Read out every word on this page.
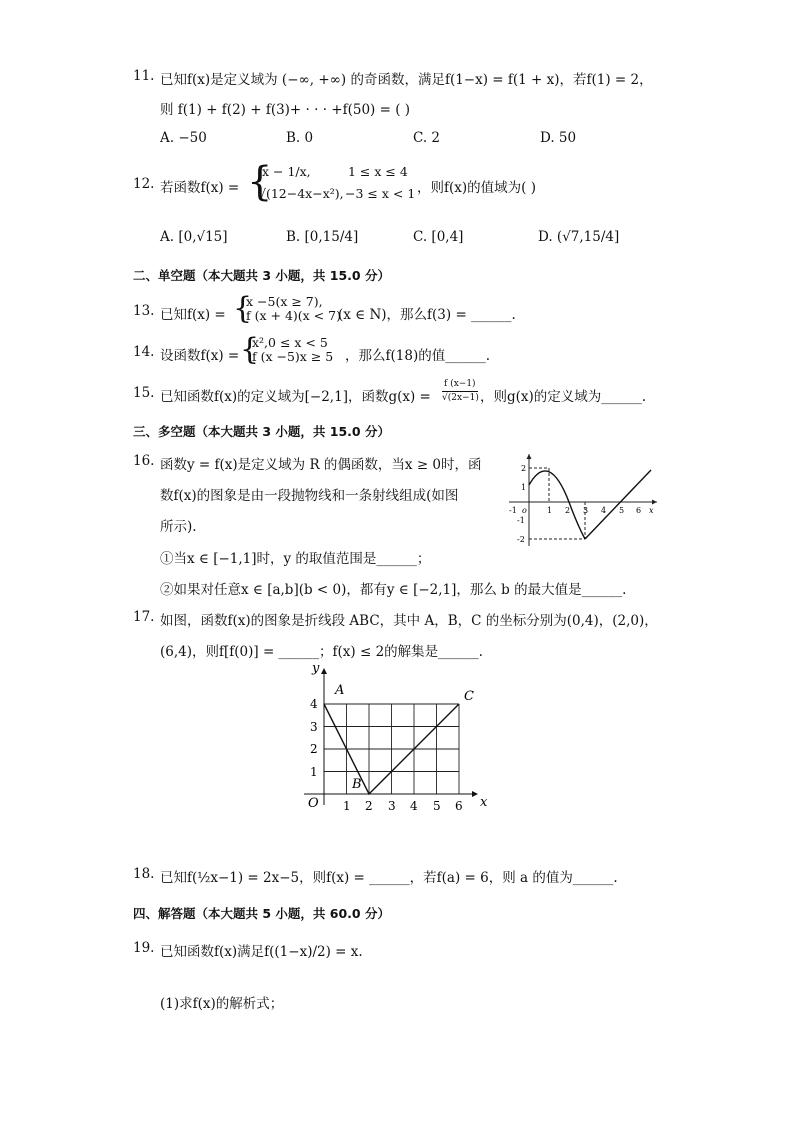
11. 已知f(x)是定义域为 (−∞, +∞) 的奇函数，满足f(1−x) = f(1 + x)，若f(1) = 2，
则 f(1) + f(2) + f(3)+ · · · +f(50) = ( )
A. −50	B. 0	C. 2	D. 50
12. 若函数f(x) = {
x − 1/x,	1 ≤ x ≤ 4
√(12−4x−x²), −3 ≤ x < 1 ，则f(x)的值域为( )
A. [0,√15]	B. [0,15/4]	C. [0,4]	D. (√7,15/4]
二、单空题（本大题共 3 小题，共 15.0 分）
13. 已知f(x) = {
x −5(x ≥ 7),
f (x + 4)(x < 7)
(x ∈ N)，那么f(3) = ______.
14. 设函数f(x) = {
x²,0 ≤ x < 5
f (x −5)x ≥ 5 ，那么f(18)的值______.
15. 已知函数f(x)的定义域为[−2,1]，函数g(x) =
f (x−1)
√(2x−1) ，则g(x)的定义域为______.
三、多空题（本大题共 3 小题，共 15.0 分）
16. 函数y = f(x)是定义域为 R 的偶函数，当x ≥ 0时，函
数f(x)的图象是由一段抛物线和一条射线组成(如图
所示).
①当x ∈ [−1,1]时，y 的取值范围是______；
②如果对任意x ∈ [a,b](b < 0)，都有y ∈ [−2,1]，那么 b 的最大值是______.
-1 o	1 2 3 4 5 6 x
2
1
-1
-2
17. 如图，函数f(x)的图象是折线段 ABC，其中 A，B，C 的坐标分别为(0,4)，(2,0)，
(6,4)，则f[f(0)] = ______；f(x) ≤ 2的解集是______.
y
x
O 1 2 3 4 5 6
4
3
2
1
A
B
C
18. 已知f(½x−1) = 2x−5，则f(x) = ______，若f(a) = 6，则 a 的值为______.
四、解答题（本大题共 5 小题，共 60.0 分）
19. 已知函数f(x)满足f((1−x)/2) = x.
(1)求f(x)的解析式；
